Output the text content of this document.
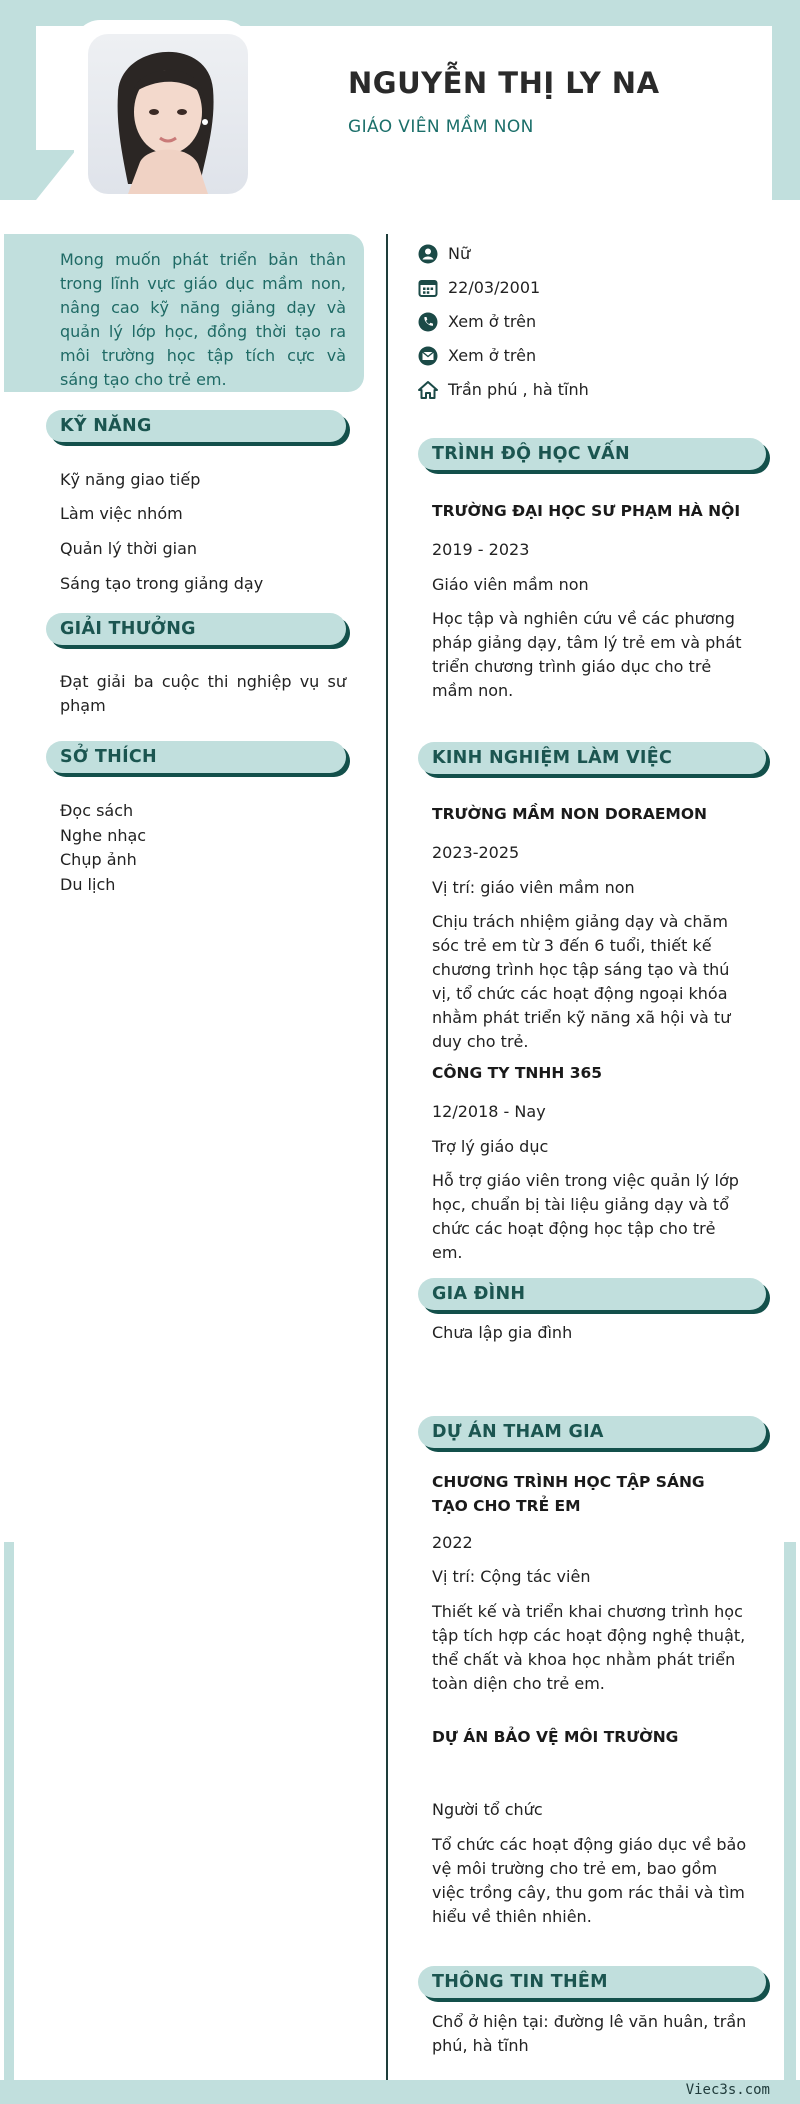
NGUYỄN THỊ LY NA
GIÁO VIÊN MẦM NON
Mong muốn phát triển bản thân trong lĩnh vực giáo dục mầm non, nâng cao kỹ năng giảng dạy và quản lý lớp học, đồng thời tạo ra môi trường học tập tích cực và sáng tạo cho trẻ em.
Nữ
22/03/2001
Xem ở trên
Xem ở trên
Trần phú , hà tĩnh
KỸ NĂNG
Kỹ năng giao tiếp
Làm việc nhóm
Quản lý thời gian
Sáng tạo trong giảng dạy
GIẢI THƯỞNG
Đạt giải ba cuộc thi nghiệp vụ sư phạm
SỞ THÍCH
Đọc sách
Nghe nhạc
Chụp ảnh
Du lịch
TRÌNH ĐỘ HỌC VẤN
TRƯỜNG ĐẠI HỌC SƯ PHẠM HÀ NỘI
2019 - 2023
Giáo viên mầm non
Học tập và nghiên cứu về các phương pháp giảng dạy, tâm lý trẻ em và phát triển chương trình giáo dục cho trẻ mầm non.
KINH NGHIỆM LÀM VIỆC
TRƯỜNG MẦM NON DORAEMON
2023-2025
Vị trí: giáo viên mầm non
Chịu trách nhiệm giảng dạy và chăm sóc trẻ em từ 3 đến 6 tuổi, thiết kế chương trình học tập sáng tạo và thú vị, tổ chức các hoạt động ngoại khóa nhằm phát triển kỹ năng xã hội và tư duy cho trẻ.
CÔNG TY TNHH 365
12/2018 - Nay
Trợ lý giáo dục
Hỗ trợ giáo viên trong việc quản lý lớp học, chuẩn bị tài liệu giảng dạy và tổ chức các hoạt động học tập cho trẻ em.
GIA ĐÌNH
Chưa lập gia đình
DỰ ÁN THAM GIA
CHƯƠNG TRÌNH HỌC TẬP SÁNG TẠO CHO TRẺ EM
2022
Vị trí: Cộng tác viên
Thiết kế và triển khai chương trình học tập tích hợp các hoạt động nghệ thuật, thể chất và khoa học nhằm phát triển toàn diện cho trẻ em.
DỰ ÁN BẢO VỆ MÔI TRƯỜNG
Người tổ chức
Tổ chức các hoạt động giáo dục về bảo vệ môi trường cho trẻ em, bao gồm việc trồng cây, thu gom rác thải và tìm hiểu về thiên nhiên.
THÔNG TIN THÊM
Chổ ở hiện tại: đường lê văn huân, trần phú, hà tĩnh
Viec3s.com
